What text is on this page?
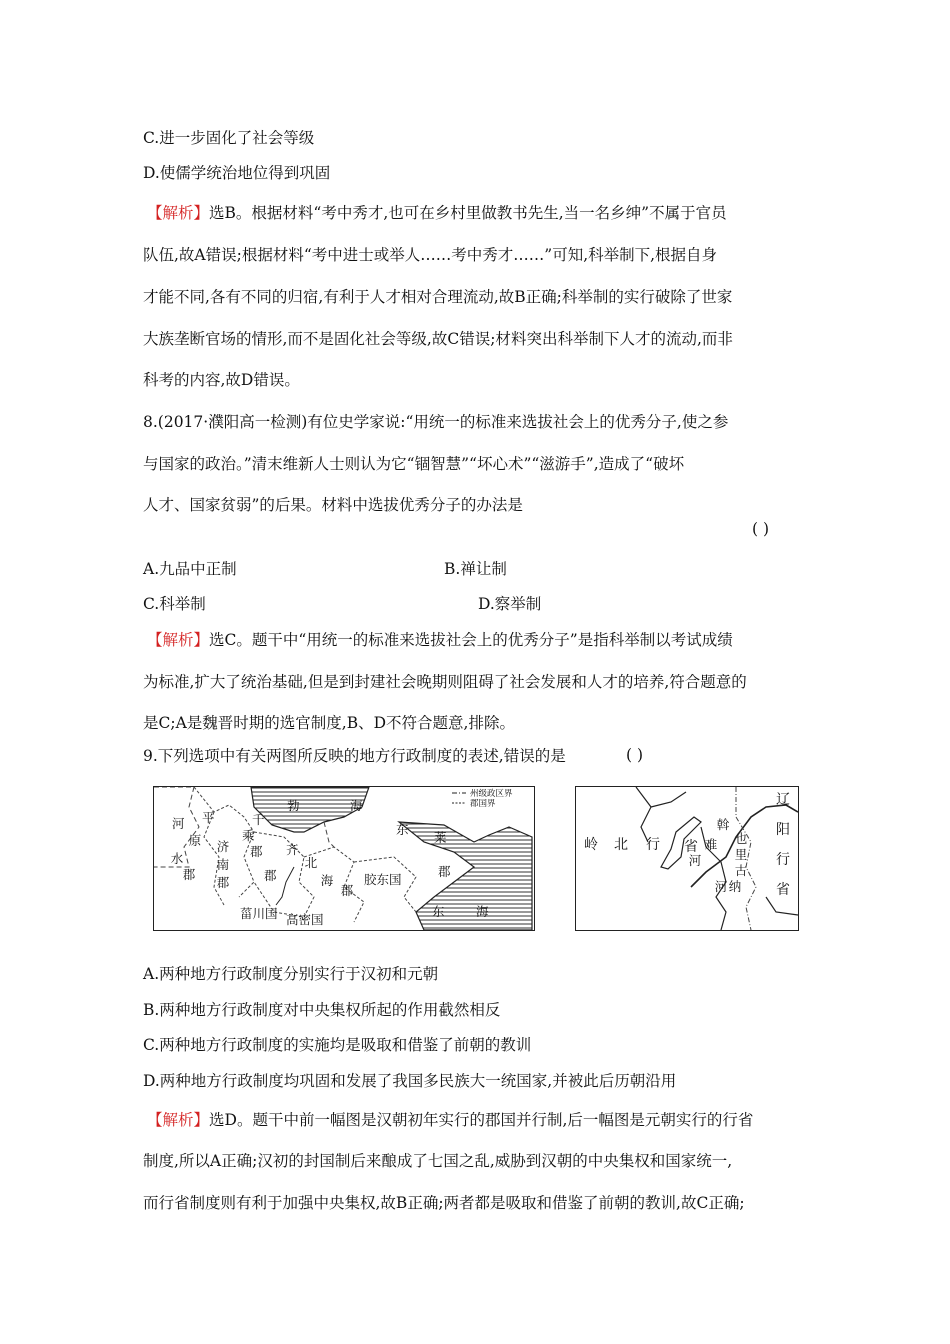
C.进一步固化了社会等级
D.使儒学统治地位得到巩固
【解析】选B。根据材料“考中秀才,也可在乡村里做教书先生,当一名乡绅”不属于官员
队伍,故A错误;根据材料“考中进士或举人……考中秀才……”可知,科举制下,根据自身
才能不同,各有不同的归宿,有利于人才相对合理流动,故B正确;科举制的实行破除了世家
大族垄断官场的情形,而不是固化社会等级,故C错误;材料突出科举制下人才的流动,而非
科考的内容,故D错误。
8.(2017·濮阳高一检测)有位史学家说:“用统一的标准来选拔社会上的优秀分子,使之参
与国家的政治。”清末维新人士则认为它“锢智慧”“坏心术”“滋游手”,造成了“破坏
人才、国家贫弱”的后果。材料中选拔优秀分子的办法是
( )
A.九品中正制	B.禅让制
C.科举制	D.察举制
【解析】选C。题干中“用统一的标准来选拔社会上的优秀分子”是指科举制以考试成绩
为标准,扩大了统治基础,但是到封建社会晚期则阻碍了社会发展和人才的培养,符合题意的
是C;A是魏晋时期的选官制度,B、D不符合题意,排除。
9.下列选项中有关两图所反映的地方行政制度的表述,错误的是	( )
州级政区界
郡国界
勃	海
东	海
河 平
原
水
郡
千
乘
郡
济
南
郡
齐
郡
北
海
郡
东
莱
郡
胶东国
菑川国 高密国
岭 北 行 省
斡
难
河
也
里
古
纳
河
辽
阳
行
省
A.两种地方行政制度分别实行于汉初和元朝
B.两种地方行政制度对中央集权所起的作用截然相反
C.两种地方行政制度的实施均是吸取和借鉴了前朝的教训
D.两种地方行政制度均巩固和发展了我国多民族大一统国家,并被此后历朝沿用
【解析】选D。题干中前一幅图是汉朝初年实行的郡国并行制,后一幅图是元朝实行的行省
制度,所以A正确;汉初的封国制后来酿成了七国之乱,威胁到汉朝的中央集权和国家统一,
而行省制度则有利于加强中央集权,故B正确;两者都是吸取和借鉴了前朝的教训,故C正确;
